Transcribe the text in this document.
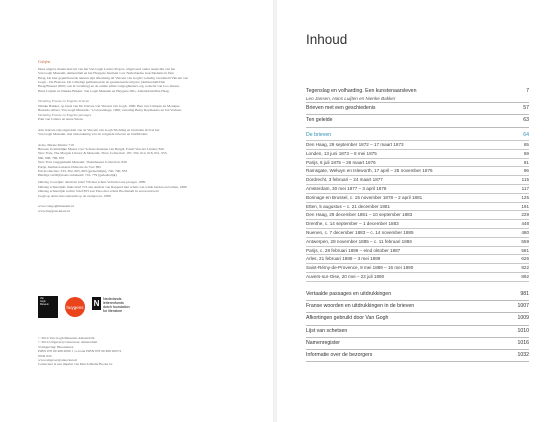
Colofon
Deze uitgave maakt deel uit van het Van Gogh Letters Project, uitgevoerd onder auspiciën van het
Van Gogh Museum, Amsterdam en het Huygens Instituut voor Nederlandse Geschiedenis in Den
Haag. De hier gepubliceerde teksten zijn afkomstig uit Vincent van Gogh's volledig verzameld Vincent van
Gogh – De Brieven. De volledige geillustreerde en geannoteerde uitgave (Amsterdam/Den
Haag/Brussel 2009; ook in vertaling) en de online editie vangoghletters.org, redactie van Leo Jansen,
Hans Luijten en Nienke Bakker, Van Gogh Museum en Huygens ING, Amsterdam/Den Haag.
Vertaling Franse en Engelse brieven
Nienke Bakker, op basis van De brieven van Vincent van Gogh, 1990. Han van Crimpen en Monique
Berends-Albert, Van Gogh Museum / 's-Gravenhage, 1990; vertaling Betsy Raymakers en Jan Verhaar.
Vertaling Franse en Engelse passages
Paul van Calster en Anne Stiens
Alle brieven zijn eigendom van de Vincent van Gogh Stichting en bevinden zich in het
Van Gogh Museum, met uitzondering van de volgende brieven en briefbladen:
Arles, Musée Réattu: 719
Brussel, Koninklijke Musea voor Schone Kunsten van België, Fonds Van der Linden: 820
New York, The Morgan Library & Museum, Thaw Collection: 187, 592, 612, 618, 651, 655,
660, 698, 706, 855
New York Guggenheim Museum, Thannhauser Collection: 849
Parijs, Institut national d'histoire de l'art: 895
Privécollecties: 233, 362, 605, 663 (gedeeltelijk), 740, 790, 853
Huidige verblijfplaats onbekend: 716, 779 (gedeeltelijk)
Omslag voorzijde: detail uit brief 756 met schets Veld met een ploeger, 1889
Omslag achterzijde: links brief 574 aan Anthon van Rappard met schets van wilde karden en bomen, 1886
Omslag achterzijde rechts: brief 853 aan Theo met schets Boomstam in een korenveld
Gogh op Arles met eenzaam op de zaaiproces, 1888
www.vangoghmuseum.nl
www.huygens.knaw.nl
Van
Gogh
Museum	huygens N	Nederlands
letterenfonds
dutch foundation
for literature
© 2014 Van Gogh Museum, Amsterdam
© 2014 Uitgeverij Cantecleer, Amsterdam
Vormgeving: Bureauknot
ISBN 978 90 488 2006 1 | e-book ISBN 978 90 488 2005 9
NUR 643
www.uitgeverijcantecleer.nl
Cantecleer is een imprint van Dutch Media Books bv
Inhoud
Tegenslag en volharding. Een kunstenaarsleven	7
Leo Jansen, Hans Luijten en Nienke Bakker
Brieven met een geschiedenis	57
Ten geleide	63
De brieven	64
Den Haag, 29 september 1872 – 17 maart 1873	65
Londen, 13 juni 1873 – 8 mei 1875	69
Parijs, 6 juli 1875 – 28 maart 1876	81
Ramsgate, Welwyn en Isleworth, 17 april – 25 november 1876	96
Dordrecht, 3 februari – 24 maart 1877	115
Amsterdam, 30 mei 1877 – 3 april 1878	117
Borinage en Brussel, c. 15 november 1878 – 2 april 1881	125
Etten, 5 augustus – c. 21 december 1881	191
Den Haag, 29 december 1881 – 10 september 1883	229
Drenthe, c. 14 september – 1 december 1883	448
Nuenen, c. 7 december 1883 – c. 14 november 1885	480
Antwerpen, 28 november 1885 – c. 11 februari 1886	559
Parijs, c. 28 februari 1886 – eind oktober 1887	581
Arles, 21 februari 1888 – 3 mei 1889	626
Saint-Rémy-de-Provence, 9 mei 1889 – 16 mei 1890	822
Auvers-sur-Oise, 20 mei – 23 juli 1890	892
Vertaalde passages en uitdrukkingen	981
Franse woorden en uitdrukkingen in de brieven	1007
Afkortingen gebruikt door Van Gogh	1009
Lijst van schetsen	1010
Namenregister	1016
Informatie over de bezorgers	1032
